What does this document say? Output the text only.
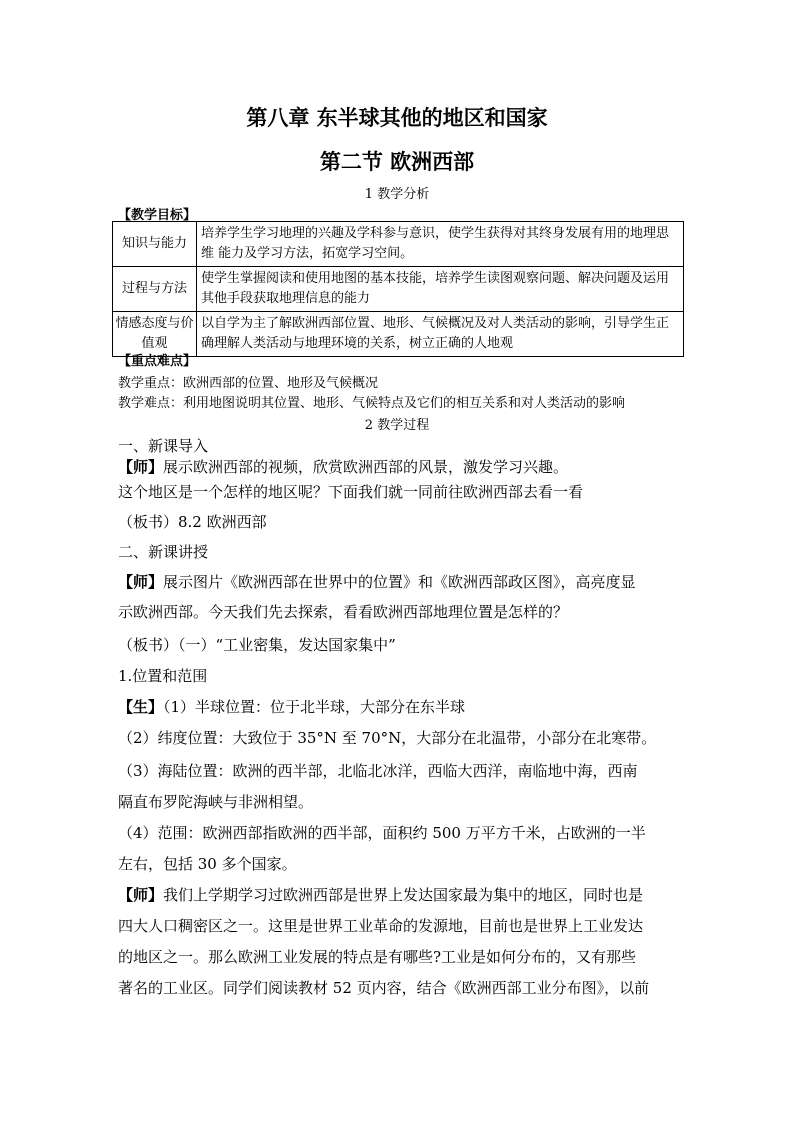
第八章 东半球其他的地区和国家
第二节 欧洲西部
1 教学分析
【教学目标】
知识与能力	培养学生学习地理的兴趣及学科参与意识，使学生获得对其终身发展有用的地理思维 能力及学习方法，拓宽学习空间。
过程与方法	使学生掌握阅读和使用地图的基本技能，培养学生读图观察问题、解决问题及运用其他手段获取地理信息的能力
情感态度与价值观	以自学为主了解欧洲西部位置、地形、气候概况及对人类活动的影响，引导学生正确理解人类活动与地理环境的关系，树立正确的人地观
【重点难点】
教学重点：欧洲西部的位置、地形及气候概况
教学难点：利用地图说明其位置、地形、气候特点及它们的相互关系和对人类活动的影响
2 教学过程
一、新课导入
【师】展示欧洲西部的视频，欣赏欧洲西部的风景，激发学习兴趣。
这个地区是一个怎样的地区呢？下面我们就一同前往欧洲西部去看一看
（板书）8.2 欧洲西部
二、新课讲授
【师】展示图片《欧洲西部在世界中的位置》和《欧洲西部政区图》，高亮度显
示欧洲西部。今天我们先去探索，看看欧洲西部地理位置是怎样的？
（板书）（一）“工业密集，发达国家集中”
1.位置和范围
【生】（1）半球位置：位于北半球，大部分在东半球
（2）纬度位置：大致位于 35°N 至 70°N，大部分在北温带，小部分在北寒带。
（3）海陆位置：欧洲的西半部，北临北冰洋，西临大西洋，南临地中海，西南
隔直布罗陀海峡与非洲相望。
（4）范围：欧洲西部指欧洲的西半部，面积约 500 万平方千米，占欧洲的一半
左右，包括 30 多个国家。
【师】我们上学期学习过欧洲西部是世界上发达国家最为集中的地区，同时也是
四大人口稠密区之一。这里是世界工业革命的发源地，目前也是世界上工业发达
的地区之一。那么欧洲工业发展的特点是有哪些?工业是如何分布的，又有那些
著名的工业区。同学们阅读教材 52 页内容，结合《欧洲西部工业分布图》，以前
